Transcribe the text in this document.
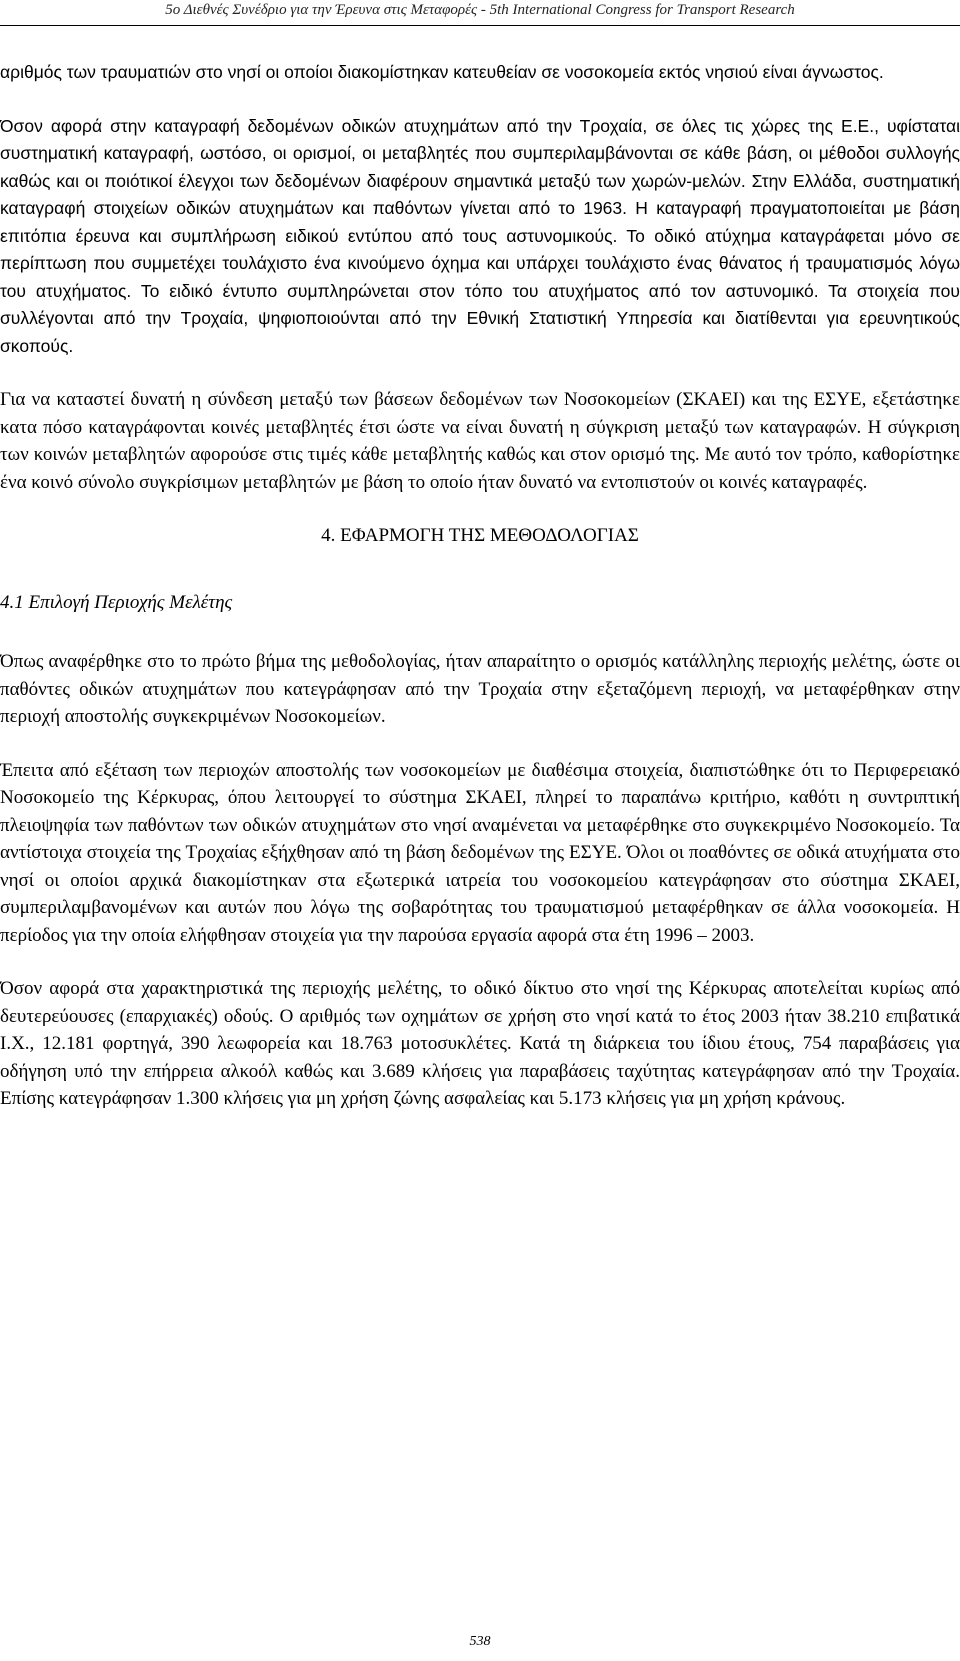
5ο Διεθνές Συνέδριο για την Έρευνα στις Μεταφορές - 5th International Congress for Transport Research

αριθμός των τραυματιών στο νησί οι οποίοι διακομίστηκαν κατευθείαν σε νοσοκομεία εκτός νησιού είναι άγνωστος.

Όσον αφορά στην καταγραφή δεδομένων οδικών ατυχημάτων από την Τροχαία, σε όλες τις χώρες της Ε.Ε., υφίσταται συστηματική καταγραφή, ωστόσο, οι ορισμοί, οι μεταβλητές που συμπεριλαμβάνονται σε κάθε βάση, οι μέθοδοι συλλογής καθώς και οι ποιότικοί έλεγχοι των δεδομένων διαφέρουν σημαντικά μεταξύ των χωρών-μελών. Στην Ελλάδα, συστηματική καταγραφή στοιχείων οδικών ατυχημάτων και παθόντων γίνεται από το 1963. Η καταγραφή πραγματοποιείται με βάση επιτόπια έρευνα και συμπλήρωση ειδικού εντύπου από τους αστυνομικούς. Το οδικό ατύχημα καταγράφεται μόνο σε περίπτωση που συμμετέχει τουλάχιστο ένα κινούμενο όχημα και υπάρχει τουλάχιστο ένας θάνατος ή τραυματισμός λόγω του ατυχήματος. Το ειδικό έντυπο συμπληρώνεται στον τόπο του ατυχήματος από τον αστυνομικό. Τα στοιχεία που συλλέγονται από την Τροχαία, ψηφιοποιούνται από την Εθνική Στατιστική Υπηρεσία και διατίθενται για ερευνητικούς σκοπούς.

Για να καταστεί δυνατή η σύνδεση μεταξύ των βάσεων δεδομένων των Νοσοκομείων (ΣΚΑΕΙ) και της ΕΣΥΕ, εξετάστηκε κατα πόσο καταγράφονται κοινές μεταβλητές έτσι ώστε να είναι δυνατή η σύγκριση μεταξύ των καταγραφών. Η σύγκριση των κοινών μεταβλητών αφορούσε στις τιμές κάθε μεταβλητής καθώς και στον ορισμό της. Με αυτό τον τρόπο, καθορίστηκε ένα κοινό σύνολο συγκρίσιμων μεταβλητών με βάση το οποίο ήταν δυνατό να εντοπιστούν οι κοινές καταγραφές.

4. ΕΦΑΡΜΟΓΗ ΤΗΣ ΜΕΘΟΔΟΛΟΓΙΑΣ
4.1 Επιλογή Περιοχής Μελέτης

Όπως αναφέρθηκε στο το πρώτο βήμα της μεθοδολογίας, ήταν απαραίτητο ο ορισμός κατάλληλης περιοχής μελέτης, ώστε οι παθόντες οδικών ατυχημάτων που κατεγράφησαν από την Τροχαία στην εξεταζόμενη περιοχή, να μεταφέρθηκαν στην περιοχή αποστολής συγκεκριμένων Νοσοκομείων.

Έπειτα από εξέταση των περιοχών αποστολής των νοσοκομείων με διαθέσιμα στοιχεία, διαπιστώθηκε ότι το Περιφερειακό Νοσοκομείο της Κέρκυρας, όπου λειτουργεί το σύστημα ΣΚΑΕΙ, πληρεί το παραπάνω κριτήριο, καθότι η συντριπτική πλειοψηφία των παθόντων των οδικών ατυχημάτων στο νησί αναμένεται να μεταφέρθηκε στο συγκεκριμένο Νοσοκομείο. Τα αντίστοιχα στοιχεία της Τροχαίας εξήχθησαν από τη βάση δεδομένων της ΕΣΥΕ. Όλοι οι ποαθόντες σε οδικά ατυχήματα στο νησί οι οποίοι αρχικά διακομίστηκαν στα εξωτερικά ιατρεία του νοσοκομείου κατεγράφησαν στο σύστημα ΣΚΑΕΙ, συμπεριλαμβανομένων και αυτών που λόγω της σοβαρότητας του τραυματισμού μεταφέρθηκαν σε άλλα νοσοκομεία. Η περίοδος για την οποία ελήφθησαν στοιχεία για την παρούσα εργασία αφορά στα έτη 1996 – 2003.

Όσον αφορά στα χαρακτηριστικά της περιοχής μελέτης, το οδικό δίκτυο στο νησί της Κέρκυρας αποτελείται κυρίως από δευτερεύουσες (επαρχιακές) οδούς. Ο αριθμός των οχημάτων σε χρήση στο νησί κατά το έτος 2003 ήταν 38.210 επιβατικά Ι.Χ., 12.181 φορτηγά, 390 λεωφορεία και 18.763 μοτοσυκλέτες. Κατά τη διάρκεια του ίδιου έτους, 754 παραβάσεις για οδήγηση υπό την επήρρεια αλκοόλ καθώς και 3.689 κλήσεις για παραβάσεις ταχύτητας κατεγράφησαν από την Τροχαία. Επίσης κατεγράφησαν 1.300 κλήσεις για μη χρήση ζώνης ασφαλείας και 5.173 κλήσεις για μη χρήση κράνους.

538
